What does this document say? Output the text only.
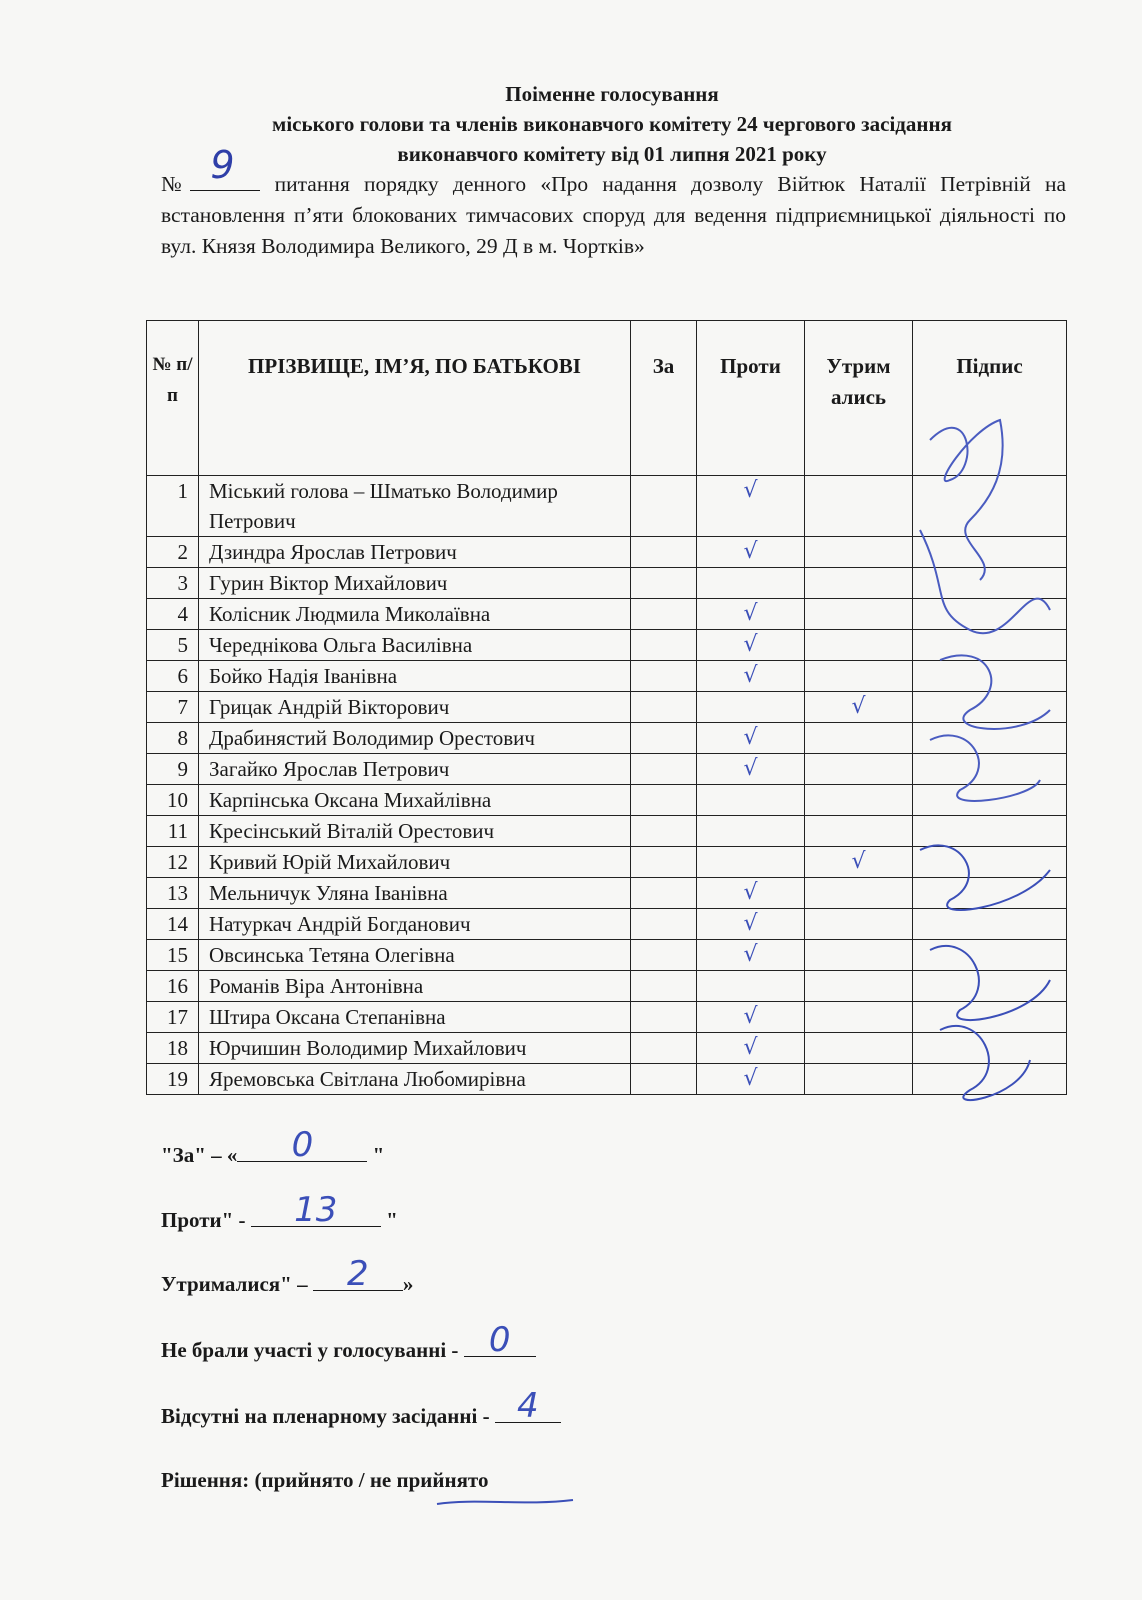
Поіменне голосування
міського голови та членів виконавчого комітету 24 чергового засідання
виконавчого комітету від 01 липня 2021 року
№ 9 питання порядку денного «Про надання дозволу Війтюк Наталії Петрівній на встановлення п’яти блокованих тимчасових споруд для ведення підприємницької діяльності по вул. Князя Володимира Великого, 29 Д в м. Чортків»
№ п/п	ПРІЗВИЩЕ, ІМ’Я, ПО БАТЬКОВІ	За	Проти	Утрим ались	Підпис
1	Міський голова – Шматько Володимир Петрович		√		
2	Дзиндра Ярослав Петрович		√		
3	Гурин Віктор Михайлович				
4	Колісник Людмила Миколаївна		√		
5	Череднікова Ольга Василівна		√		
6	Бойко Надія Іванівна		√		
7	Грицак Андрій Вікторович			√	
8	Драбинястий Володимир Орестович		√		
9	Загайко Ярослав Петрович		√		
10	Карпінська Оксана Михайлівна				
11	Кресінський Віталій Орестович				
12	Кривий Юрій Михайлович			√	
13	Мельничук Уляна Іванівна		√		
14	Натуркач Андрій Богданович		√		
15	Овсинська Тетяна Олегівна		√		
16	Романів Віра Антонівна				
17	Штира Оксана Степанівна		√		
18	Юрчишин Володимир Михайлович		√		
19	Яремовська Світлана Любомирівна		√		
"За" – «	0	"
Проти" -	13	"
Утрималися" –	2	»
Не брали участі у голосуванні - 0
Відсутні на пленарному засіданні - 4
Рішення: (прийнято / не прийнято
